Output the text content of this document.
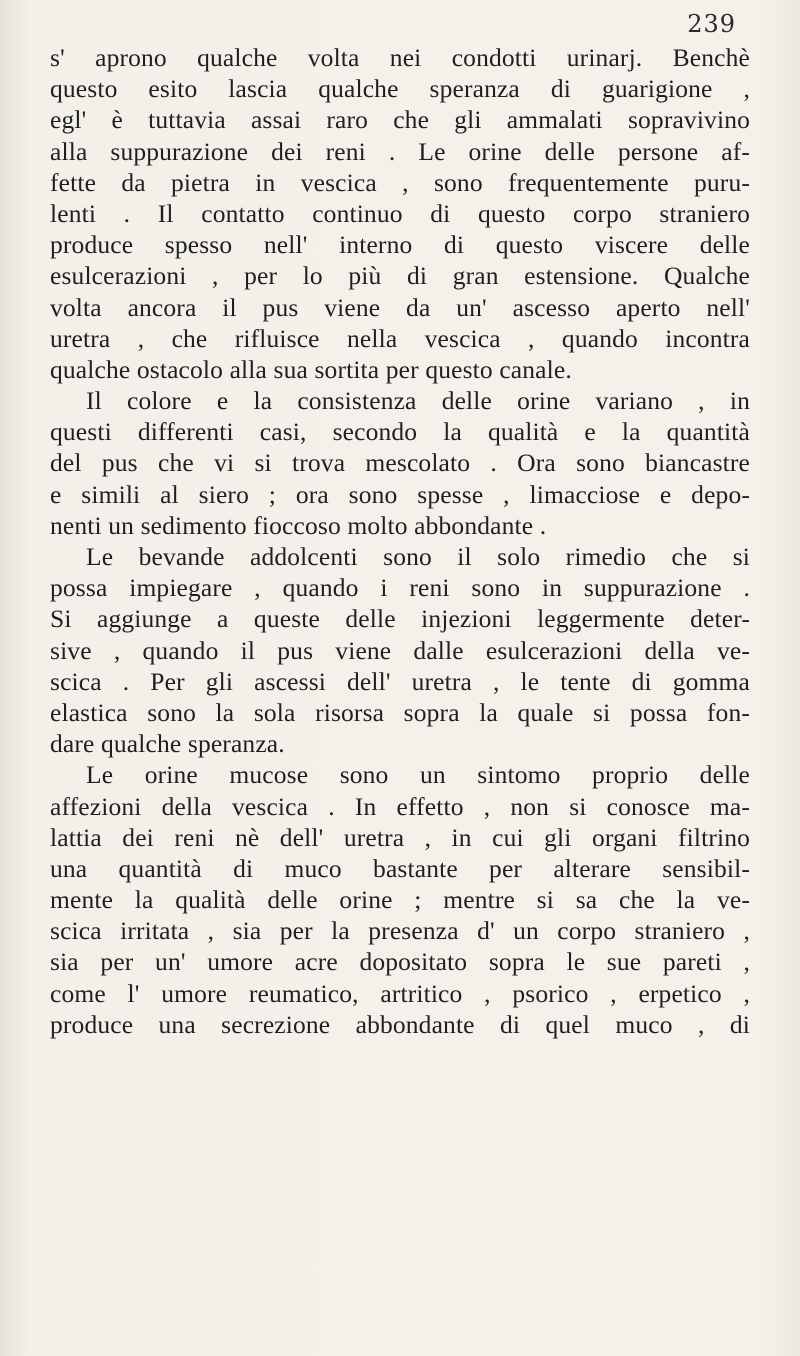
239
s' aprono qualche volta nei condotti urinarj. Benchè
questo esito lascia qualche speranza di guarigione ,
egl' è tuttavia assai raro che gli ammalati sopravivino
alla suppurazione dei reni . Le orine delle persone af-
fette da pietra in vescica , sono frequentemente puru-
lenti . Il contatto continuo di questo corpo straniero
produce spesso nell' interno di questo viscere delle
esulcerazioni , per lo più di gran estensione. Qualche
volta ancora il pus viene da un' ascesso aperto nell'
uretra , che rifluisce nella vescica , quando incontra
qualche ostacolo alla sua sortita per questo canale.
Il colore e la consistenza delle orine variano , in
questi differenti casi, secondo la qualità e la quantità
del pus che vi si trova mescolato . Ora sono biancastre
e simili al siero ; ora sono spesse , limacciose e depo-
nenti un sedimento fioccoso molto abbondante .
Le bevande addolcenti sono il solo rimedio che si
possa impiegare , quando i reni sono in suppurazione .
Si aggiunge a queste delle injezioni leggermente deter-
sive , quando il pus viene dalle esulcerazioni della ve-
scica . Per gli ascessi dell' uretra , le tente di gomma
elastica sono la sola risorsa sopra la quale si possa fon-
dare qualche speranza.
Le orine mucose sono un sintomo proprio delle
affezioni della vescica . In effetto , non si conosce ma-
lattia dei reni nè dell' uretra , in cui gli organi filtrino
una quantità di muco bastante per alterare sensibil-
mente la qualità delle orine ; mentre si sa che la ve-
scica irritata , sia per la presenza d' un corpo straniero ,
sia per un' umore acre dopositato sopra le sue pareti ,
come l' umore reumatico, artritico , psorico , erpetico ,
produce una secrezione abbondante di quel muco , di
